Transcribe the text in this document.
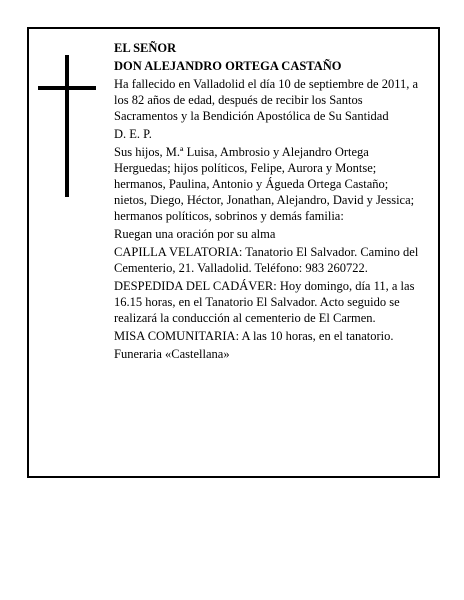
EL SEÑOR

DON ALEJANDRO ORTEGA CASTAÑO

Ha fallecido en Valladolid el día 10 de septiembre de 2011, a los 82 años de edad, después de recibir los Santos Sacramentos y la Bendición Apostólica de Su Santidad

D. E. P.

Sus hijos, M.ª Luisa, Ambrosio y Alejandro Ortega Herguedas; hijos políticos, Felipe, Aurora y Montse; hermanos, Paulina, Antonio y Águeda Ortega Castaño; nietos, Diego, Héctor, Jonathan, Alejandro, David y Jessica; hermanos políticos, sobrinos y demás familia:

Ruegan una oración por su alma

CAPILLA VELATORIA: Tanatorio El Salvador. Camino del Cementerio, 21. Valladolid. Teléfono: 983 260722.

DESPEDIDA DEL CADÁVER: Hoy domingo, día 11, a las 16.15 horas, en el Tanatorio El Salvador. Acto seguido se realizará la conducción al cementerio de El Carmen.

MISA COMUNITARIA: A las 10 horas, en el tanatorio.

Funeraria «Castellana»
